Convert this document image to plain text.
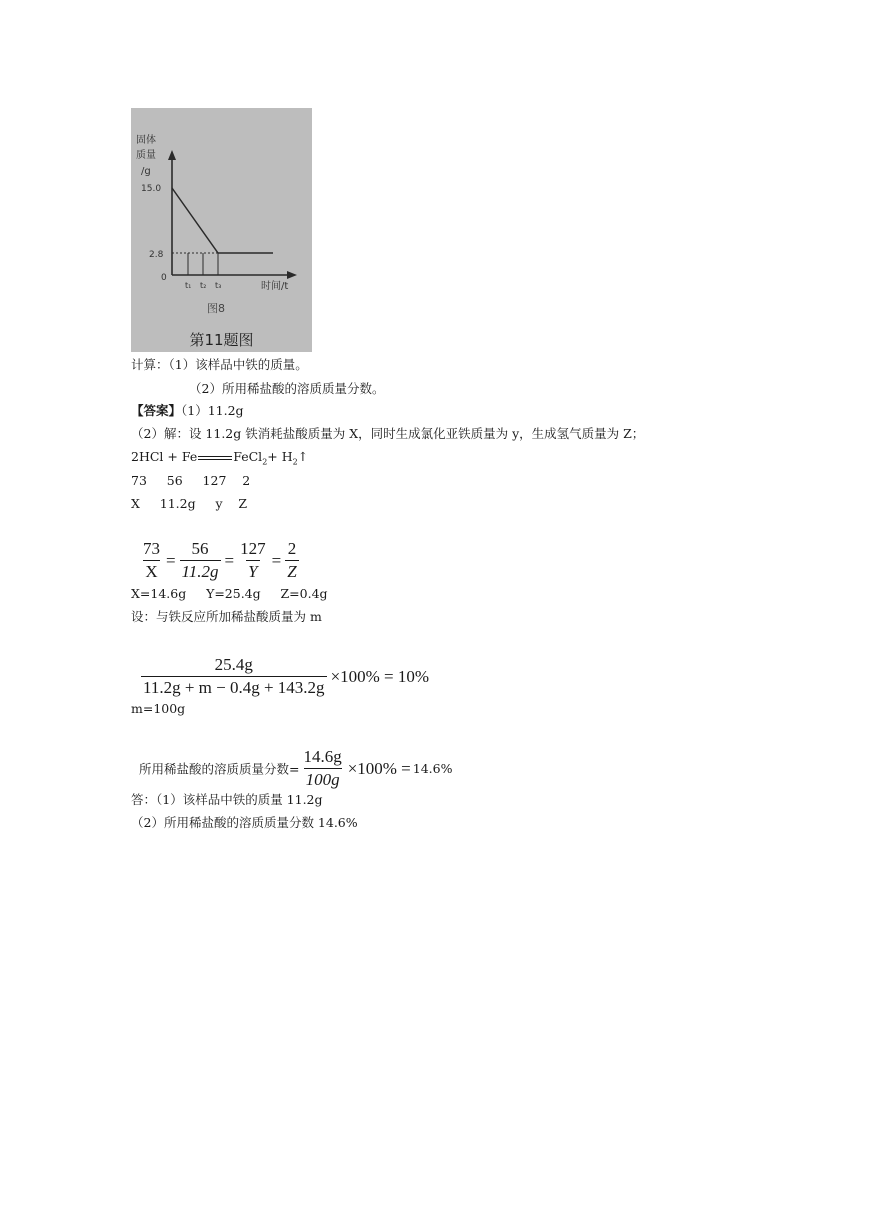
固体
质量
/g
15.0
2.8
0
t₁ t₂ t₃	时间/t
图8
第11题图
计算：（1）该样品中铁的质量。
（2）所用稀盐酸的溶质质量分数。
【答案】（1）11.2g
（2）解：设 11.2g 铁消耗盐酸质量为 X，同时生成氯化亚铁质量为 y，生成氢气质量为 Z；
2HCl + Fe	FeCl$_2$+ $H_2↑$
73     56     127    2
X     11.2g     y    Z

$\frac{73}{X} = \frac{56}{11.2g} = \frac{127}{Y} = \frac{2}{Z}$

X=14.6g     Y=25.4g     Z=0.4g
设：与铁反应所加稀盐酸质量为 m

$\frac{25.4g}{11.2g + m - 0.4g + 143.2g} \times 100\% = 10\%$

m=100g

所用稀盐酸的溶质质量分数= $\frac{14.6g}{100g} \times 100\% = 14.6\%$

答：（1）该样品中铁的质量 11.2g
（2）所用稀盐酸的溶质质量分数 14.6%
